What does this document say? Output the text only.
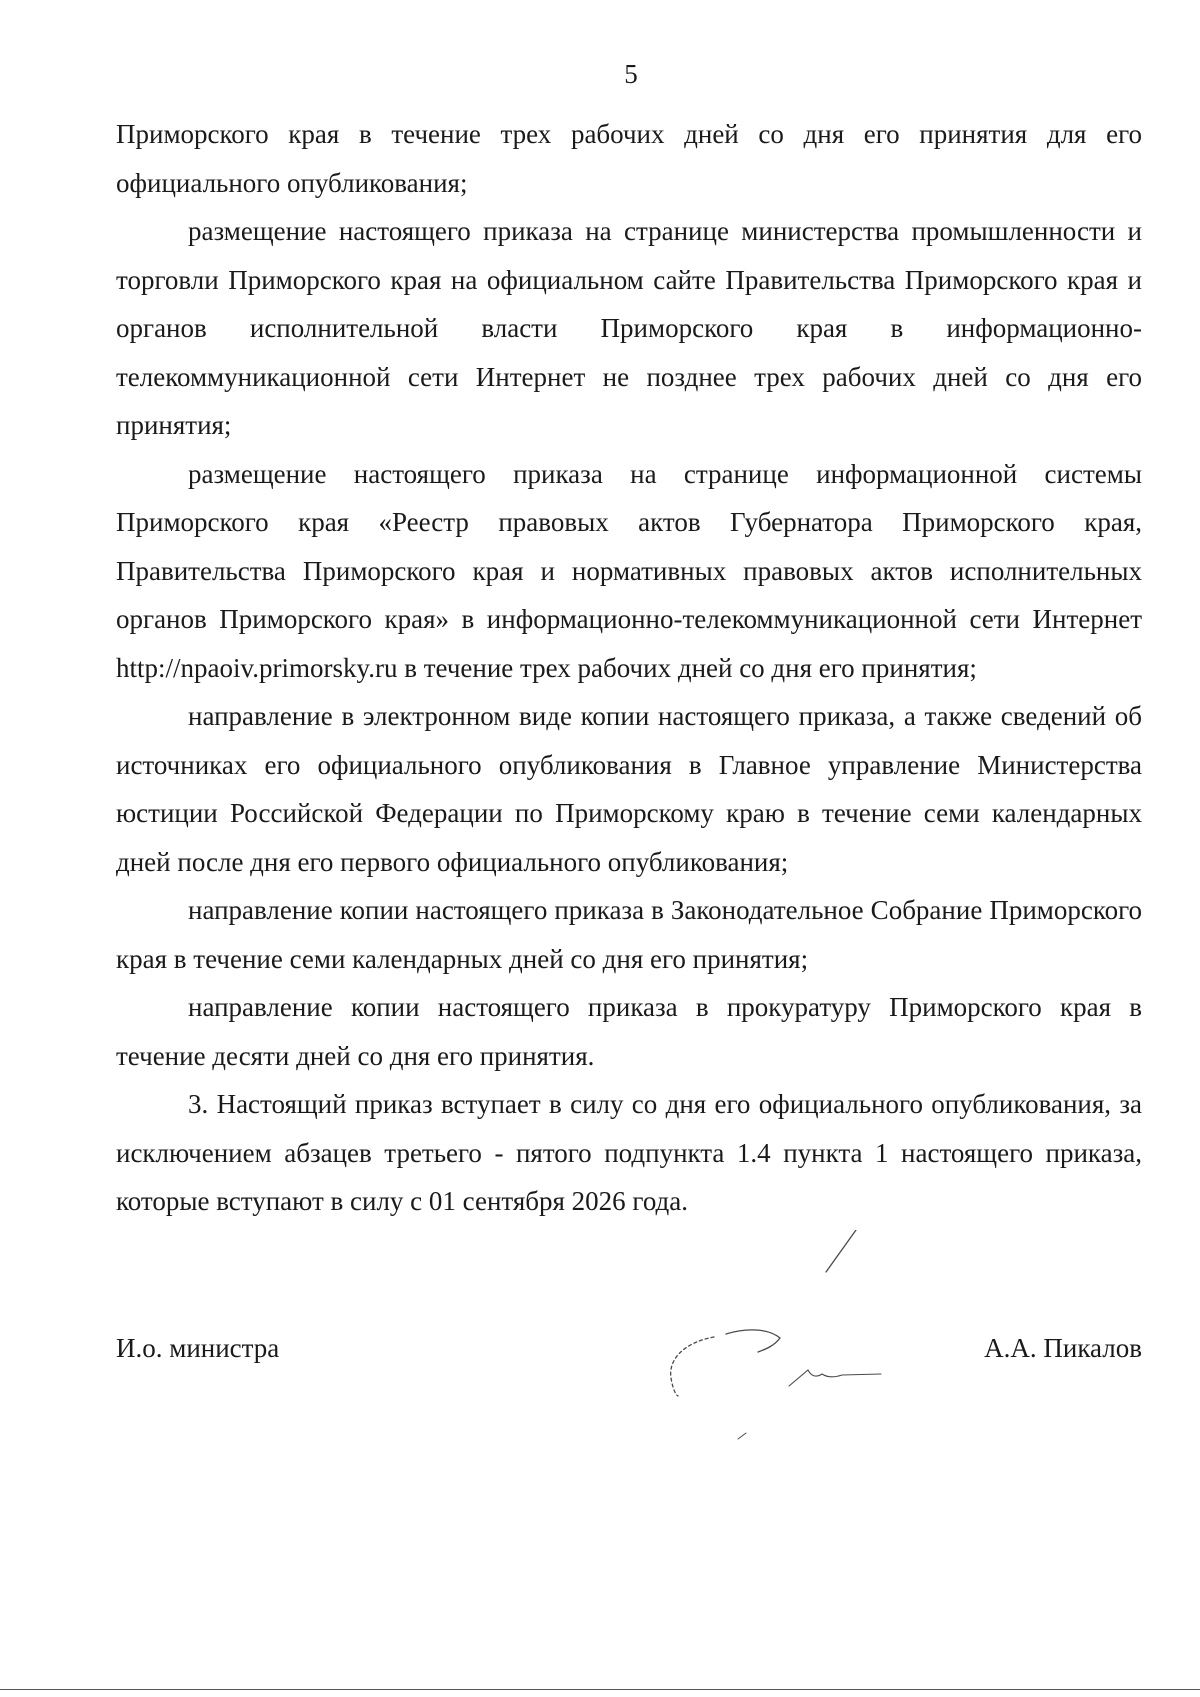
5

Приморского края в течение трех рабочих дней со дня его принятия для его официального опубликования;

размещение настоящего приказа на странице министерства промышленности и торговли Приморского края на официальном сайте Правительства Приморского края и органов исполнительной власти Приморского края в информационно-телекоммуникационной сети Интернет не позднее трех рабочих дней со дня его принятия;

размещение настоящего приказа на странице информационной системы Приморского края «Реестр правовых актов Губернатора Приморского края, Правительства Приморского края и нормативных правовых актов исполнительных органов Приморского края» в информационно-телекоммуникационной сети Интернет http://npaoiv.primorsky.ru в течение трех рабочих дней со дня его принятия;

направление в электронном виде копии настоящего приказа, а также сведений об источниках его официального опубликования в Главное управление Министерства юстиции Российской Федерации по Приморскому краю в течение семи календарных дней после дня его первого официального опубликования;

направление копии настоящего приказа в Законодательное Собрание Приморского края в течение семи календарных дней со дня его принятия;

направление копии настоящего приказа в прокуратуру Приморского края в течение десяти дней со дня его принятия.

3. Настоящий приказ вступает в силу со дня его официального опубликования, за исключением абзацев третьего - пятого подпункта 1.4 пункта 1 настоящего приказа, которые вступают в силу с 01 сентября 2026 года.

И.о. министра	А.А. Пикалов
